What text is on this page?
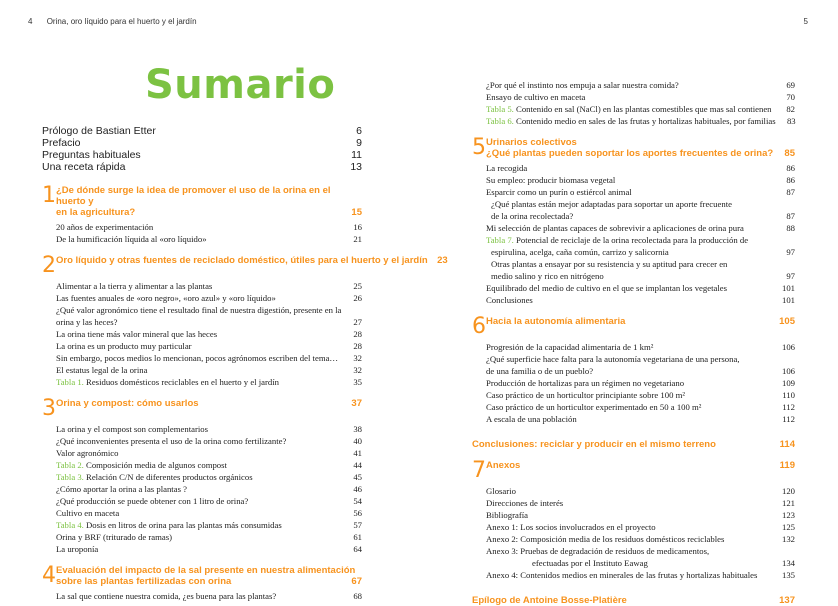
4 Orina, oro líquido para el huerto y el jardín	5
Sumario
Prólogo de Bastian Etter	6
Prefacio	9
Preguntas habituales	11
Una receta rápida	13
1 ¿De dónde surge la idea de promover el uso de la orina en el huerto y
en la agricultura?	15
20 años de experimentación	16
De la humificación líquida al «oro líquido»	21
2 Oro líquido y otras fuentes de reciclado doméstico, útiles para el huerto y el jardín 23
Alimentar a la tierra y alimentar a las plantas	25
Las fuentes anuales de «oro negro», «oro azul» y «oro líquido»	26
¿Qué valor agronómico tiene el resultado final de nuestra digestión, presente en la
orina y las heces?	27
La orina tiene más valor mineral que las heces	28
La orina es un producto muy particular	28
Sin embargo, pocos medios lo mencionan, pocos agrónomos escriben del tema…	32
El estatus legal de la orina	32
Tabla 1. Residuos domésticos reciclables en el huerto y el jardín	35
3 Orina y compost: cómo usarlos	37
La orina y el compost son complementarios	38
¿Qué inconvenientes presenta el uso de la orina como fertilizante?	40
Valor agronómico	41
Tabla 2. Composición media de algunos compost	44
Tabla 3. Relación C/N de diferentes productos orgánicos	45
¿Cómo aportar la orina a las plantas ?	46
¿Qué producción se puede obtener con 1 litro de orina?	54
Cultivo en maceta	56
Tabla 4. Dosis en litros de orina para las plantas más consumidas	57
Orina y BRF (triturado de ramas)	61
La uroponía	64
4 Evaluación del impacto de la sal presente en nuestra alimentación
sobre las plantas fertilizadas con orina	67
La sal que contiene nuestra comida, ¿es buena para las plantas?	68
¿Por qué el instinto nos empuja a salar nuestra comida?	69
Ensayo de cultivo en maceta	70
Tabla 5. Contenido en sal (NaCl) en las plantas comestibles que mas sal contienen	82
Tabla 6. Contenido medio en sales de las frutas y hortalizas habituales, por familias	83
5 Urinarios colectivos
¿Qué plantas pueden soportar los aportes frecuentes de orina?	85
La recogida	86
Su empleo: producir biomasa vegetal	86
Esparcir como un purín o estiércol animal	87
¿Qué plantas están mejor adaptadas para soportar un aporte frecuente
de la orina recolectada?	87
Mi selección de plantas capaces de sobrevivir a aplicaciones de orina pura	88
Tabla 7. Potencial de reciclaje de la orina recolectada para la producción de
espirulina, acelga, caña común, carrizo y salicornia	97
Otras plantas a ensayar por su resistencia y su aptitud para crecer en
medio salino y rico en nitrógeno	97
Equilibrado del medio de cultivo en el que se implantan los vegetales	101
Conclusiones	101
6 Hacia la autonomía alimentaria	105
Progresión de la capacidad alimentaria de 1 km²	106
¿Qué superficie hace falta para la autonomía vegetariana de una persona,
de una familia o de un pueblo?	106
Producción de hortalizas para un régimen no vegetariano	109
Caso práctico de un horticultor principiante sobre 100 m²	110
Caso práctico de un horticultor experimentado en 50 a 100 m²	112
A escala de una población	112
Conclusiones: reciclar y producir en el mismo terreno	114
7 Anexos	119
Glosario	120
Direcciones de interés	121
Bibliografía	123
Anexo 1: Los socios involucrados en el proyecto	125
Anexo 2: Composición media de los residuos domésticos reciclables	132
Anexo 3: Pruebas de degradación de residuos de medicamentos,
efectuadas por el Instituto Eawag	134
Anexo 4: Contenidos medios en minerales de las frutas y hortalizas habituales	135
Epílogo de Antoine Bosse-Platière	137
